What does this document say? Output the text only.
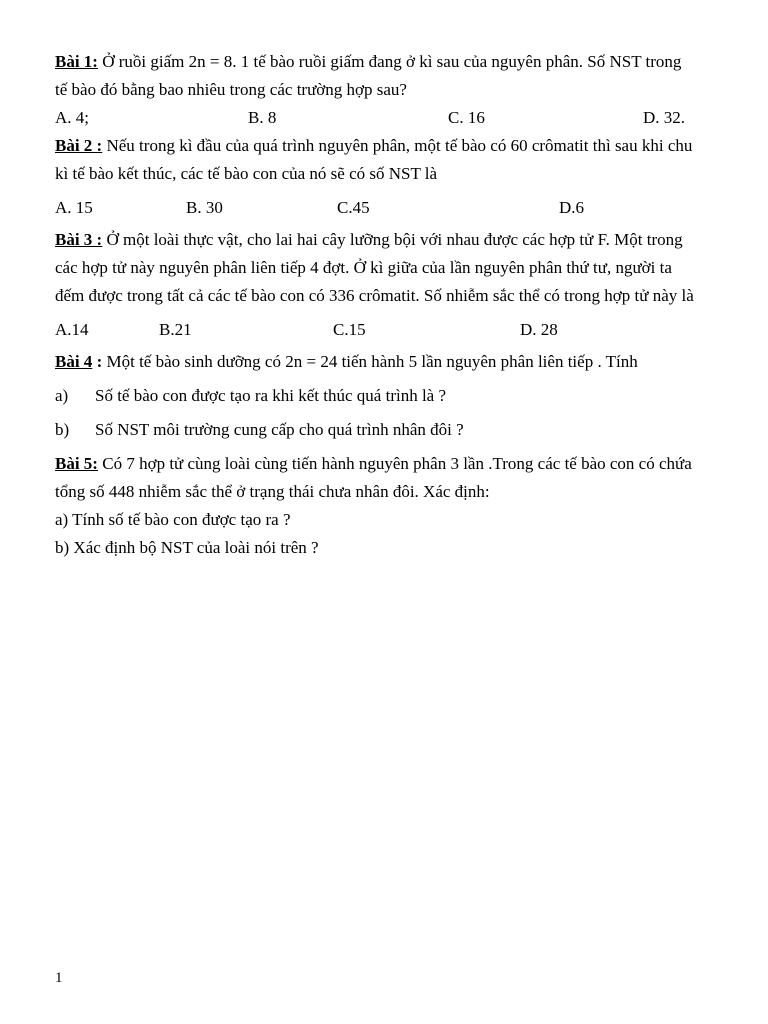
Bài 1: Ở ruồi giấm 2n = 8. 1 tế bào ruồi giấm đang ở kì sau của nguyên phân. Số NST trong
tế bào đó bằng bao nhiêu trong các trường hợp sau?
A. 4;	B. 8	C. 16	D. 32.
Bài 2 : Nếu trong kì đầu của quá trình nguyên phân, một tế bào có 60 crômatit thì sau khi chu
kì tế bào kết thúc, các tế bào con của nó sẽ có số NST là
A. 15	B. 30	C.45	D.6
Bài 3 : Ở một loài thực vật, cho lai hai cây lưỡng bội với nhau được các hợp tử F. Một trong
các hợp tử này nguyên phân liên tiếp 4 đợt. Ở kì giữa của lần nguyên phân thứ tư, người ta
đếm được trong tất cả các tế bào con có 336 crômatit. Số nhiễm sắc thể có trong hợp tử này là
A.14	B.21	C.15	D. 28
Bài 4 : Một tế bào sinh dưỡng có 2n = 24 tiến hành 5 lần nguyên phân liên tiếp . Tính
a) Số tế bào con được tạo ra khi kết thúc quá trình là ?
b) Số NST môi trường cung cấp cho quá trình nhân đôi ?
Bài 5: Có 7 hợp tử cùng loài cùng tiến hành nguyên phân 3 lần .Trong các tế bào con có chứa
tổng số 448 nhiễm sắc thể ở trạng thái chưa nhân đôi. Xác định:
a) Tính số tế bào con được tạo ra ?
b) Xác định bộ NST của loài nói trên ?
1
